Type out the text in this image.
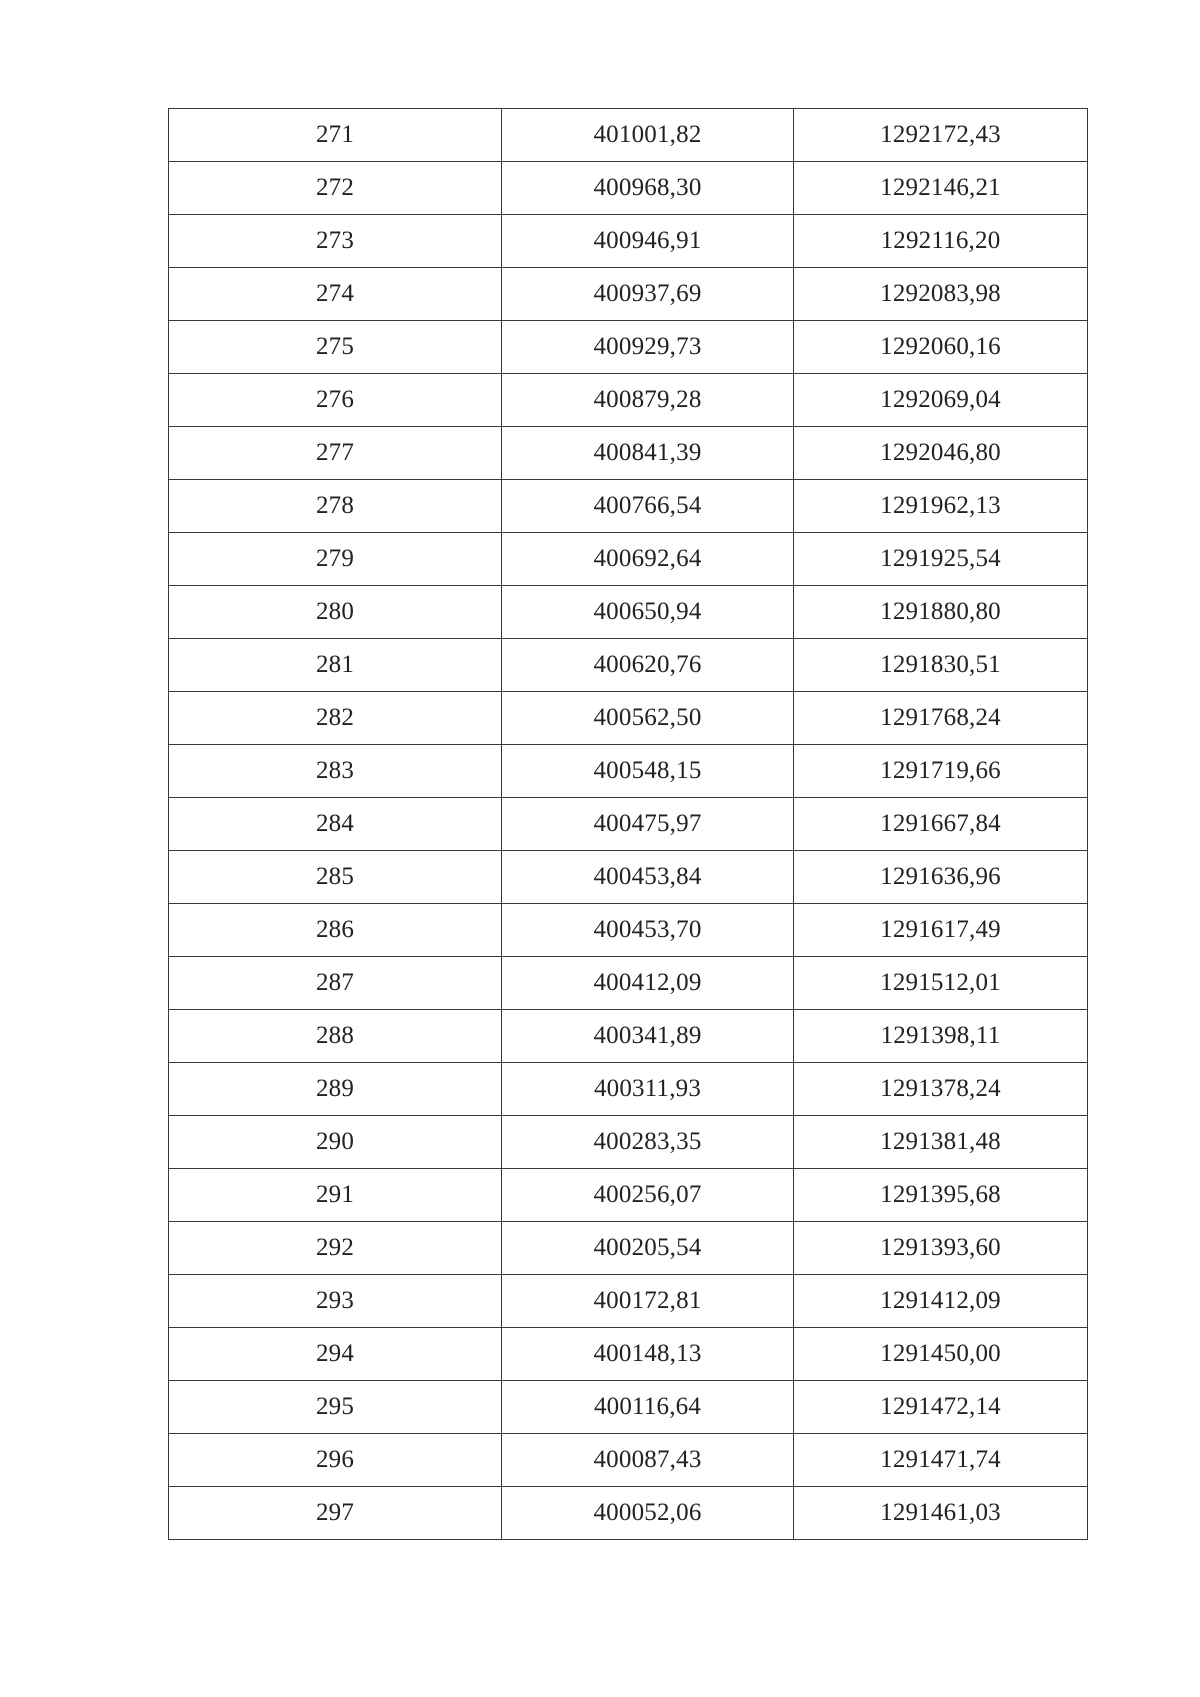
271	401001,82	1292172,43
272	400968,30	1292146,21
273	400946,91	1292116,20
274	400937,69	1292083,98
275	400929,73	1292060,16
276	400879,28	1292069,04
277	400841,39	1292046,80
278	400766,54	1291962,13
279	400692,64	1291925,54
280	400650,94	1291880,80
281	400620,76	1291830,51
282	400562,50	1291768,24
283	400548,15	1291719,66
284	400475,97	1291667,84
285	400453,84	1291636,96
286	400453,70	1291617,49
287	400412,09	1291512,01
288	400341,89	1291398,11
289	400311,93	1291378,24
290	400283,35	1291381,48
291	400256,07	1291395,68
292	400205,54	1291393,60
293	400172,81	1291412,09
294	400148,13	1291450,00
295	400116,64	1291472,14
296	400087,43	1291471,74
297	400052,06	1291461,03
